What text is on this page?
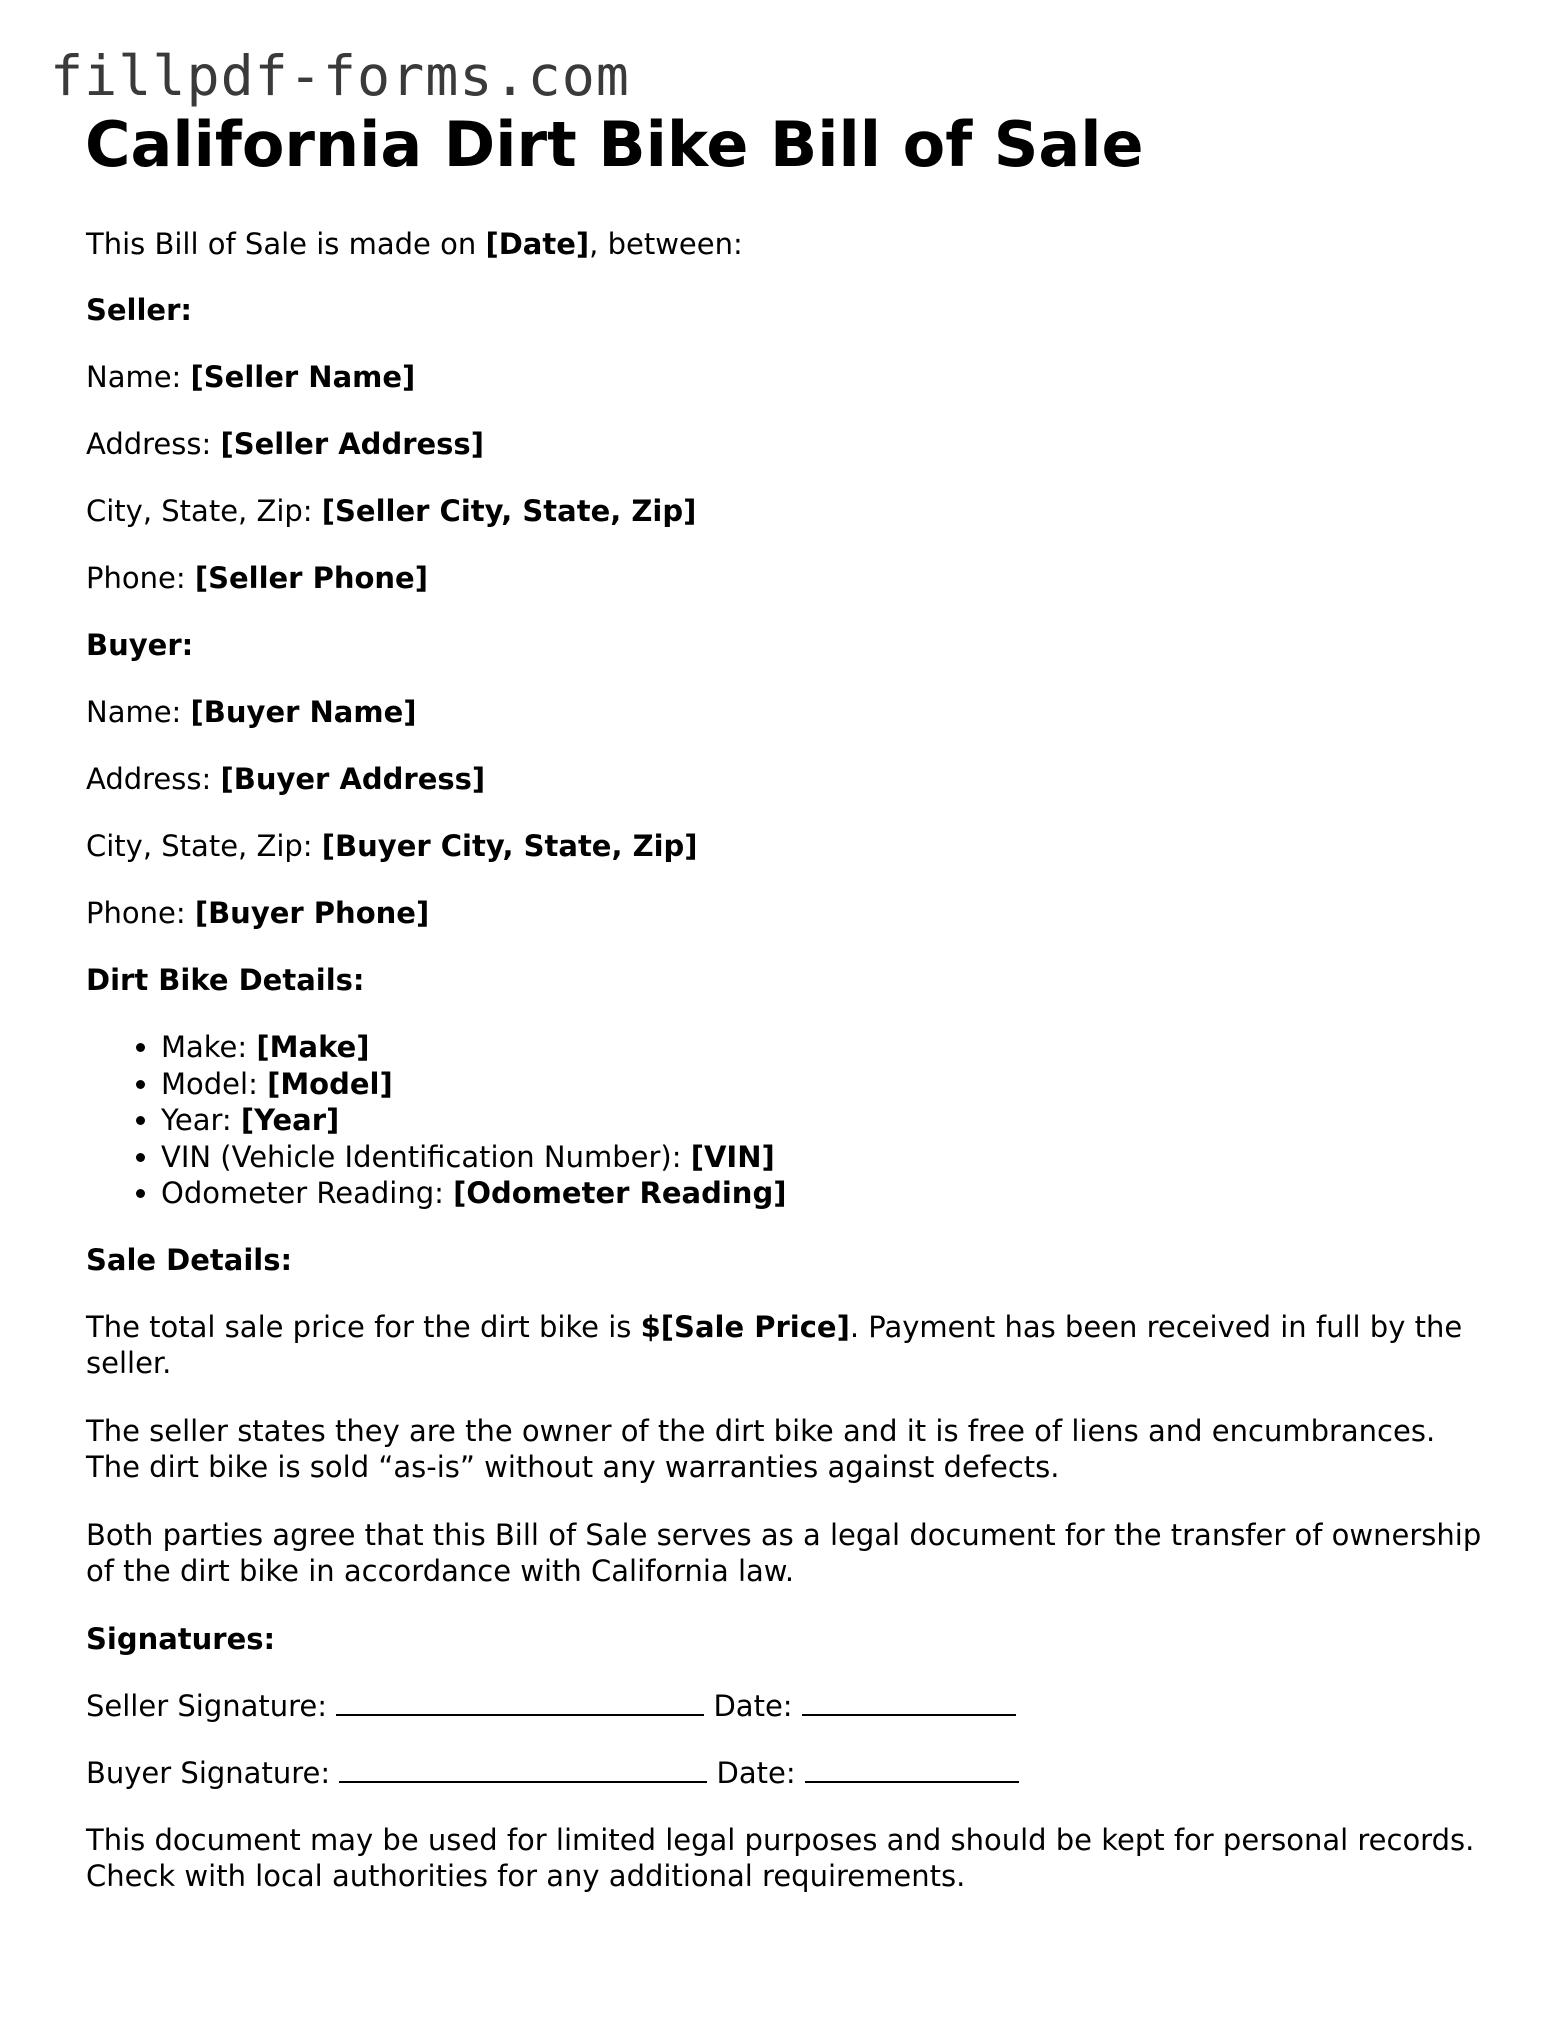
fillpdf-forms.com
California Dirt Bike Bill of Sale
This Bill of Sale is made on [Date], between:
Seller:
Name: [Seller Name]
Address: [Seller Address]
City, State, Zip: [Seller City, State, Zip]
Phone: [Seller Phone]
Buyer:
Name: [Buyer Name]
Address: [Buyer Address]
City, State, Zip: [Buyer City, State, Zip]
Phone: [Buyer Phone]
Dirt Bike Details:
• Make: [Make]
• Model: [Model]
• Year: [Year]
• VIN (Vehicle Identification Number): [VIN]
• Odometer Reading: [Odometer Reading]
Sale Details:
The total sale price for the dirt bike is $[Sale Price]. Payment has been received in full by the seller.
The seller states they are the owner of the dirt bike and it is free of liens and encumbrances. The dirt bike is sold “as-is” without any warranties against defects.
Both parties agree that this Bill of Sale serves as a legal document for the transfer of ownership of the dirt bike in accordance with California law.
Signatures:
Seller Signature:	Date:
Buyer Signature:	Date:
This document may be used for limited legal purposes and should be kept for personal records. Check with local authorities for any additional requirements.
